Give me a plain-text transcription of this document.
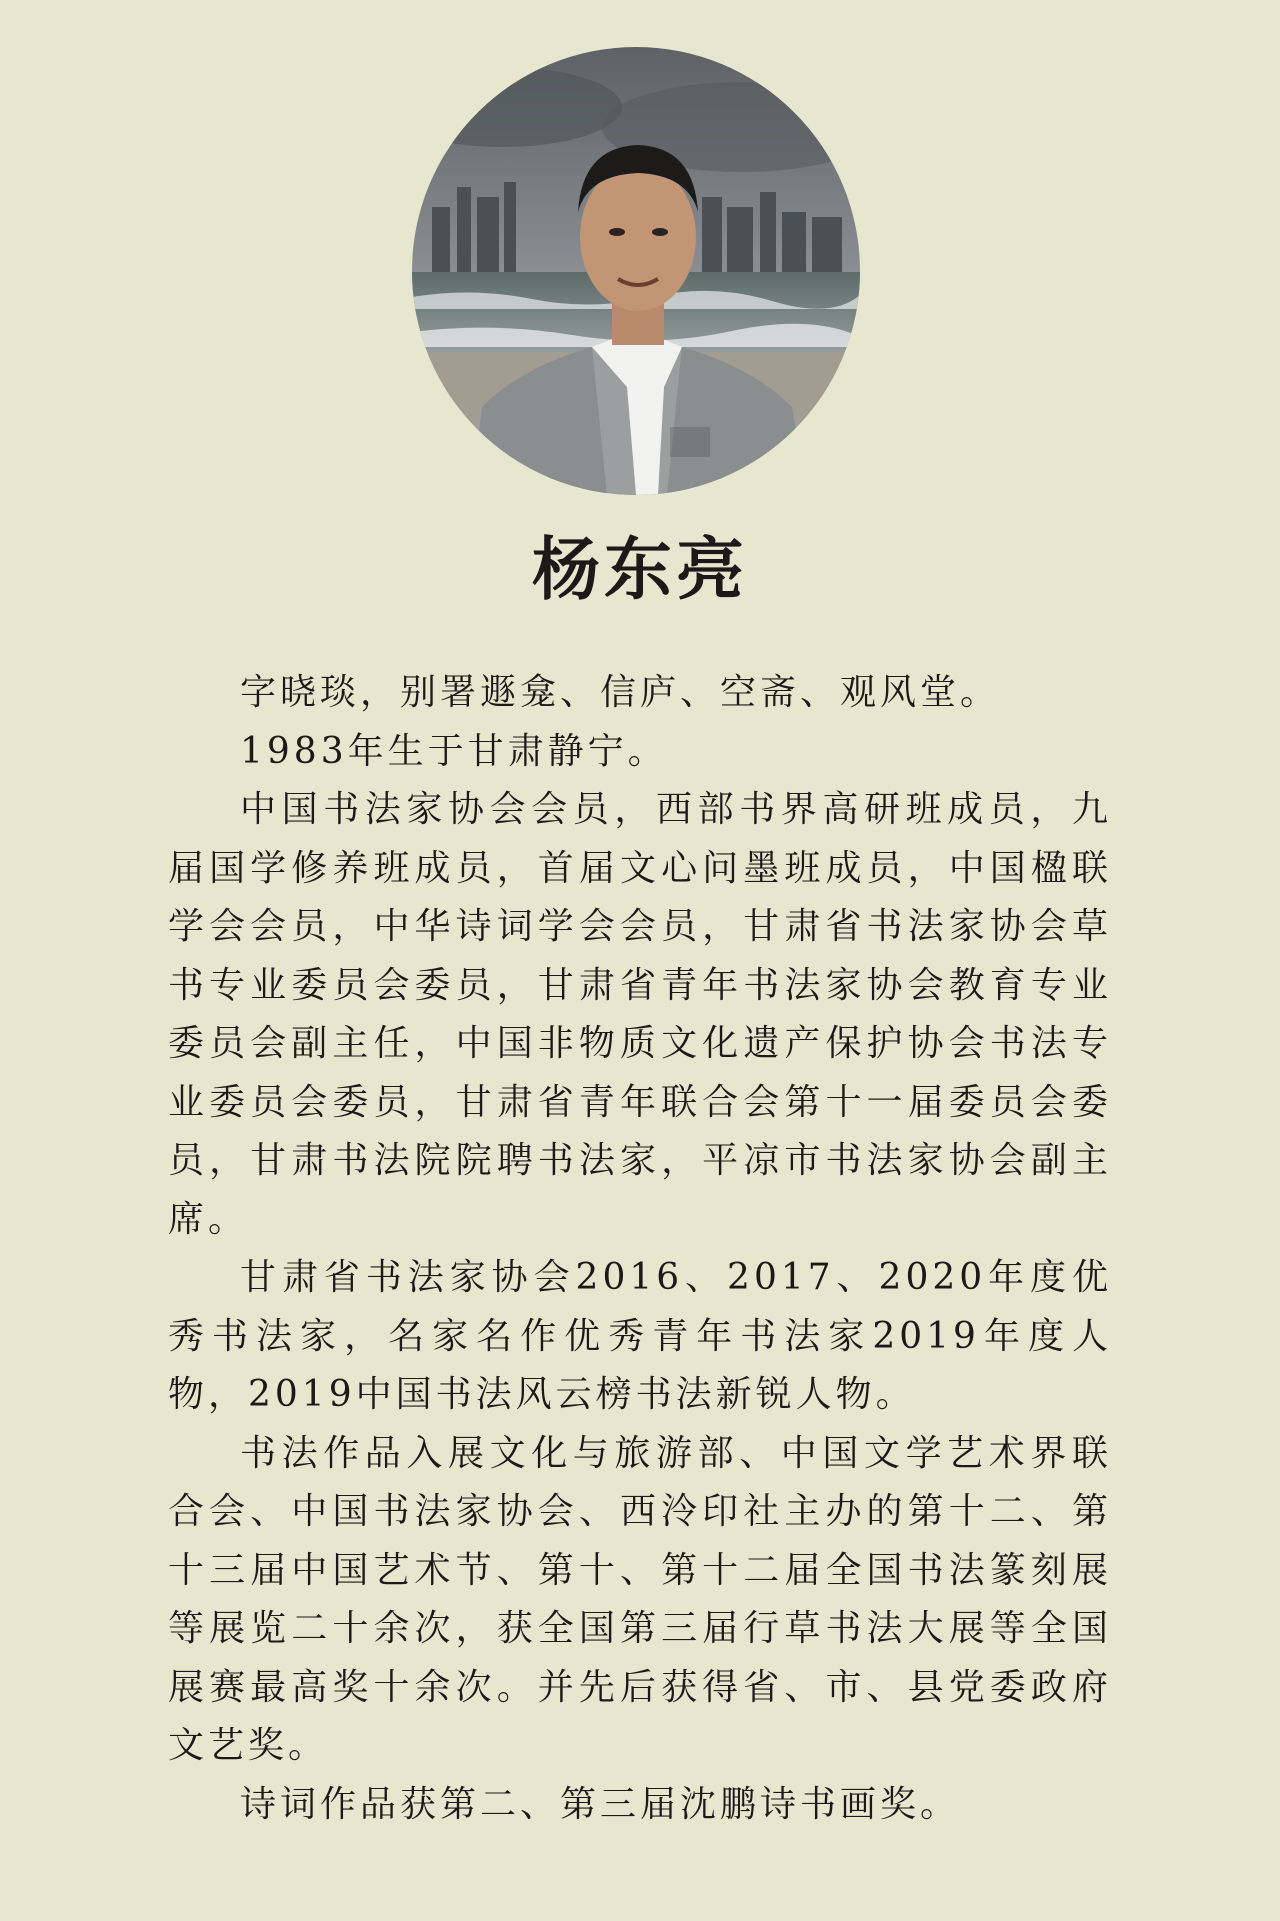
杨东亮

字晓琰，别署遯龛、信庐、空斋、观风堂。

1983年生于甘肃静宁。

中国书法家协会会员，西部书界高研班成员，九届国学修养班成员，首届文心问墨班成员，中国楹联学会会员，中华诗词学会会员，甘肃省书法家协会草书专业委员会委员，甘肃省青年书法家协会教育专业委员会副主任，中国非物质文化遗产保护协会书法专业委员会委员，甘肃省青年联合会第十一届委员会委员，甘肃书法院院聘书法家，平凉市书法家协会副主席。

甘肃省书法家协会2016、2017、2020年度优秀书法家，名家名作优秀青年书法家2019年度人物，2019中国书法风云榜书法新锐人物。

书法作品入展文化与旅游部、中国文学艺术界联合会、中国书法家协会、西泠印社主办的第十二、第十三届中国艺术节、第十、第十二届全国书法篆刻展等展览二十余次，获全国第三届行草书法大展等全国展赛最高奖十余次。并先后获得省、市、县党委政府文艺奖。

诗词作品获第二、第三届沈鹏诗书画奖。
